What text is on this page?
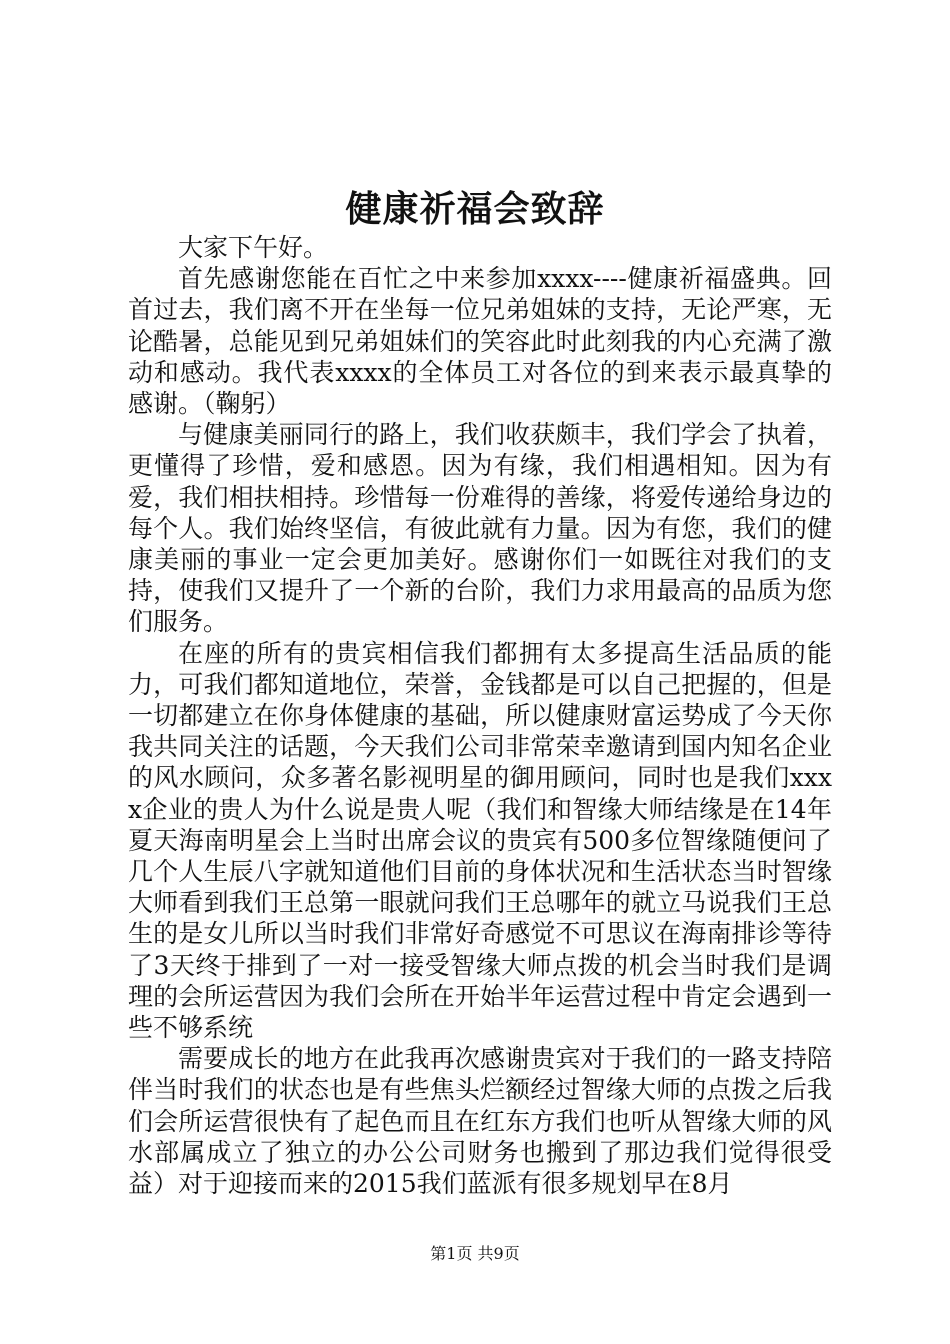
健康祈福会致辞

大家下午好。

首先感谢您能在百忙之中来参加xxxx----健康祈福盛典。回首过去，我们离不开在坐每一位兄弟姐妹的支持，无论严寒，无论酷暑，总能见到兄弟姐妹们的笑容此时此刻我的内心充满了激动和感动。我代表xxxx的全体员工对各位的到来表示最真挚的感谢。（鞠躬）

与健康美丽同行的路上，我们收获颇丰，我们学会了执着，更懂得了珍惜，爱和感恩。因为有缘，我们相遇相知。因为有爱，我们相扶相持。珍惜每一份难得的善缘，将爱传递给身边的每个人。我们始终坚信，有彼此就有力量。因为有您，我们的健康美丽的事业一定会更加美好。感谢你们一如既往对我们的支持，使我们又提升了一个新的台阶，我们力求用最高的品质为您们服务。

在座的所有的贵宾相信我们都拥有太多提高生活品质的能力，可我们都知道地位，荣誉，金钱都是可以自己把握的，但是一切都建立在你身体健康的基础，所以健康财富运势成了今天你我共同关注的话题，今天我们公司非常荣幸邀请到国内知名企业的风水顾问，众多著名影视明星的御用顾问，同时也是我们xxxx企业的贵人为什么说是贵人呢（我们和智缘大师结缘是在14年夏天海南明星会上当时出席会议的贵宾有500多位智缘随便问了几个人生辰八字就知道他们目前的身体状况和生活状态当时智缘大师看到我们王总第一眼就问我们王总哪年的就立马说我们王总生的是女儿所以当时我们非常好奇感觉不可思议在海南排诊等待了3天终于排到了一对一接受智缘大师点拨的机会当时我们是调理的会所运营因为我们会所在开始半年运营过程中肯定会遇到一些不够系统

需要成长的地方在此我再次感谢贵宾对于我们的一路支持陪伴当时我们的状态也是有些焦头烂额经过智缘大师的点拨之后我们会所运营很快有了起色而且在红东方我们也听从智缘大师的风水部属成立了独立的办公公司财务也搬到了那边我们觉得很受益）对于迎接而来的2015我们蓝派有很多规划早在8月

第1页 共9页
